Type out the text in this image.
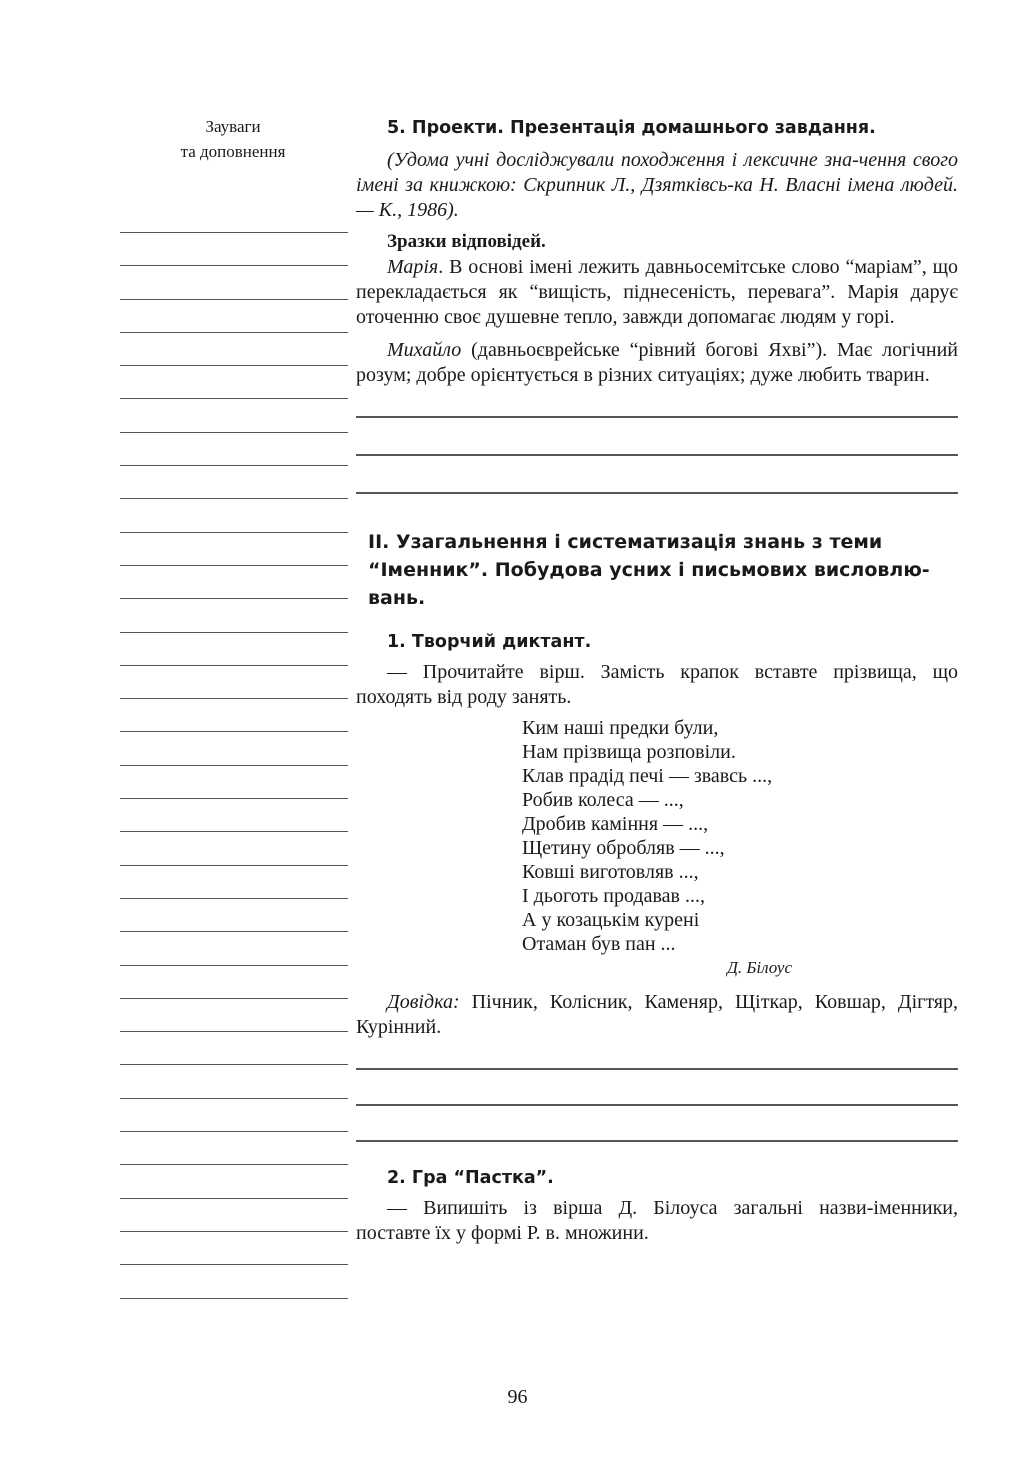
Зауваги
та доповнення
5. Проекти. Презентація домашнього завдання.

(Удома учні досліджували походження і лексичне зна-чення свого імені за книжкою: Скрипник Л., Дзятківсь-ка Н. Власні імена людей. — К., 1986).

Зразки відповідей.

Марія. В основі імені лежить давньосемітське слово “маріам”, що перекладається як “вищість, піднесеність, перевага”. Марія дарує оточенню своє душевне тепло, завжди допомагає людям у горі.

Михайло (давньоєврейське “рівний богові Яхві”). Має логічний розум; добре орієнтується в різних ситуаціях; дуже любить тварин.

ІІ. Узагальнення і систематизація знань з теми “Іменник”. Побудова усних і письмових висловлю-вань.
1. Творчий диктант.

— Прочитайте вірш. Замість крапок вставте прізвища, що походять від роду занять.

Ким наші предки були,
Нам прізвища розповіли.
Клав прадід печі — звавсь ...,
Робив колеса — ...,
Дробив каміння — ...,
Щетину обробляв — ...,
Ковші виготовляв ...,
І дьоготь продавав ...,
А у козацькім курені
Отаман був пан ...
Д. Білоус

Довідка: Пічник, Колісник, Каменяр, Щіткар, Ковшар, Дігтяр, Курінний.

2. Гра “Пастка”.

— Випишіть із вірша Д. Білоуса загальні назви-іменники, поставте їх у формі Р. в. множини.

96
